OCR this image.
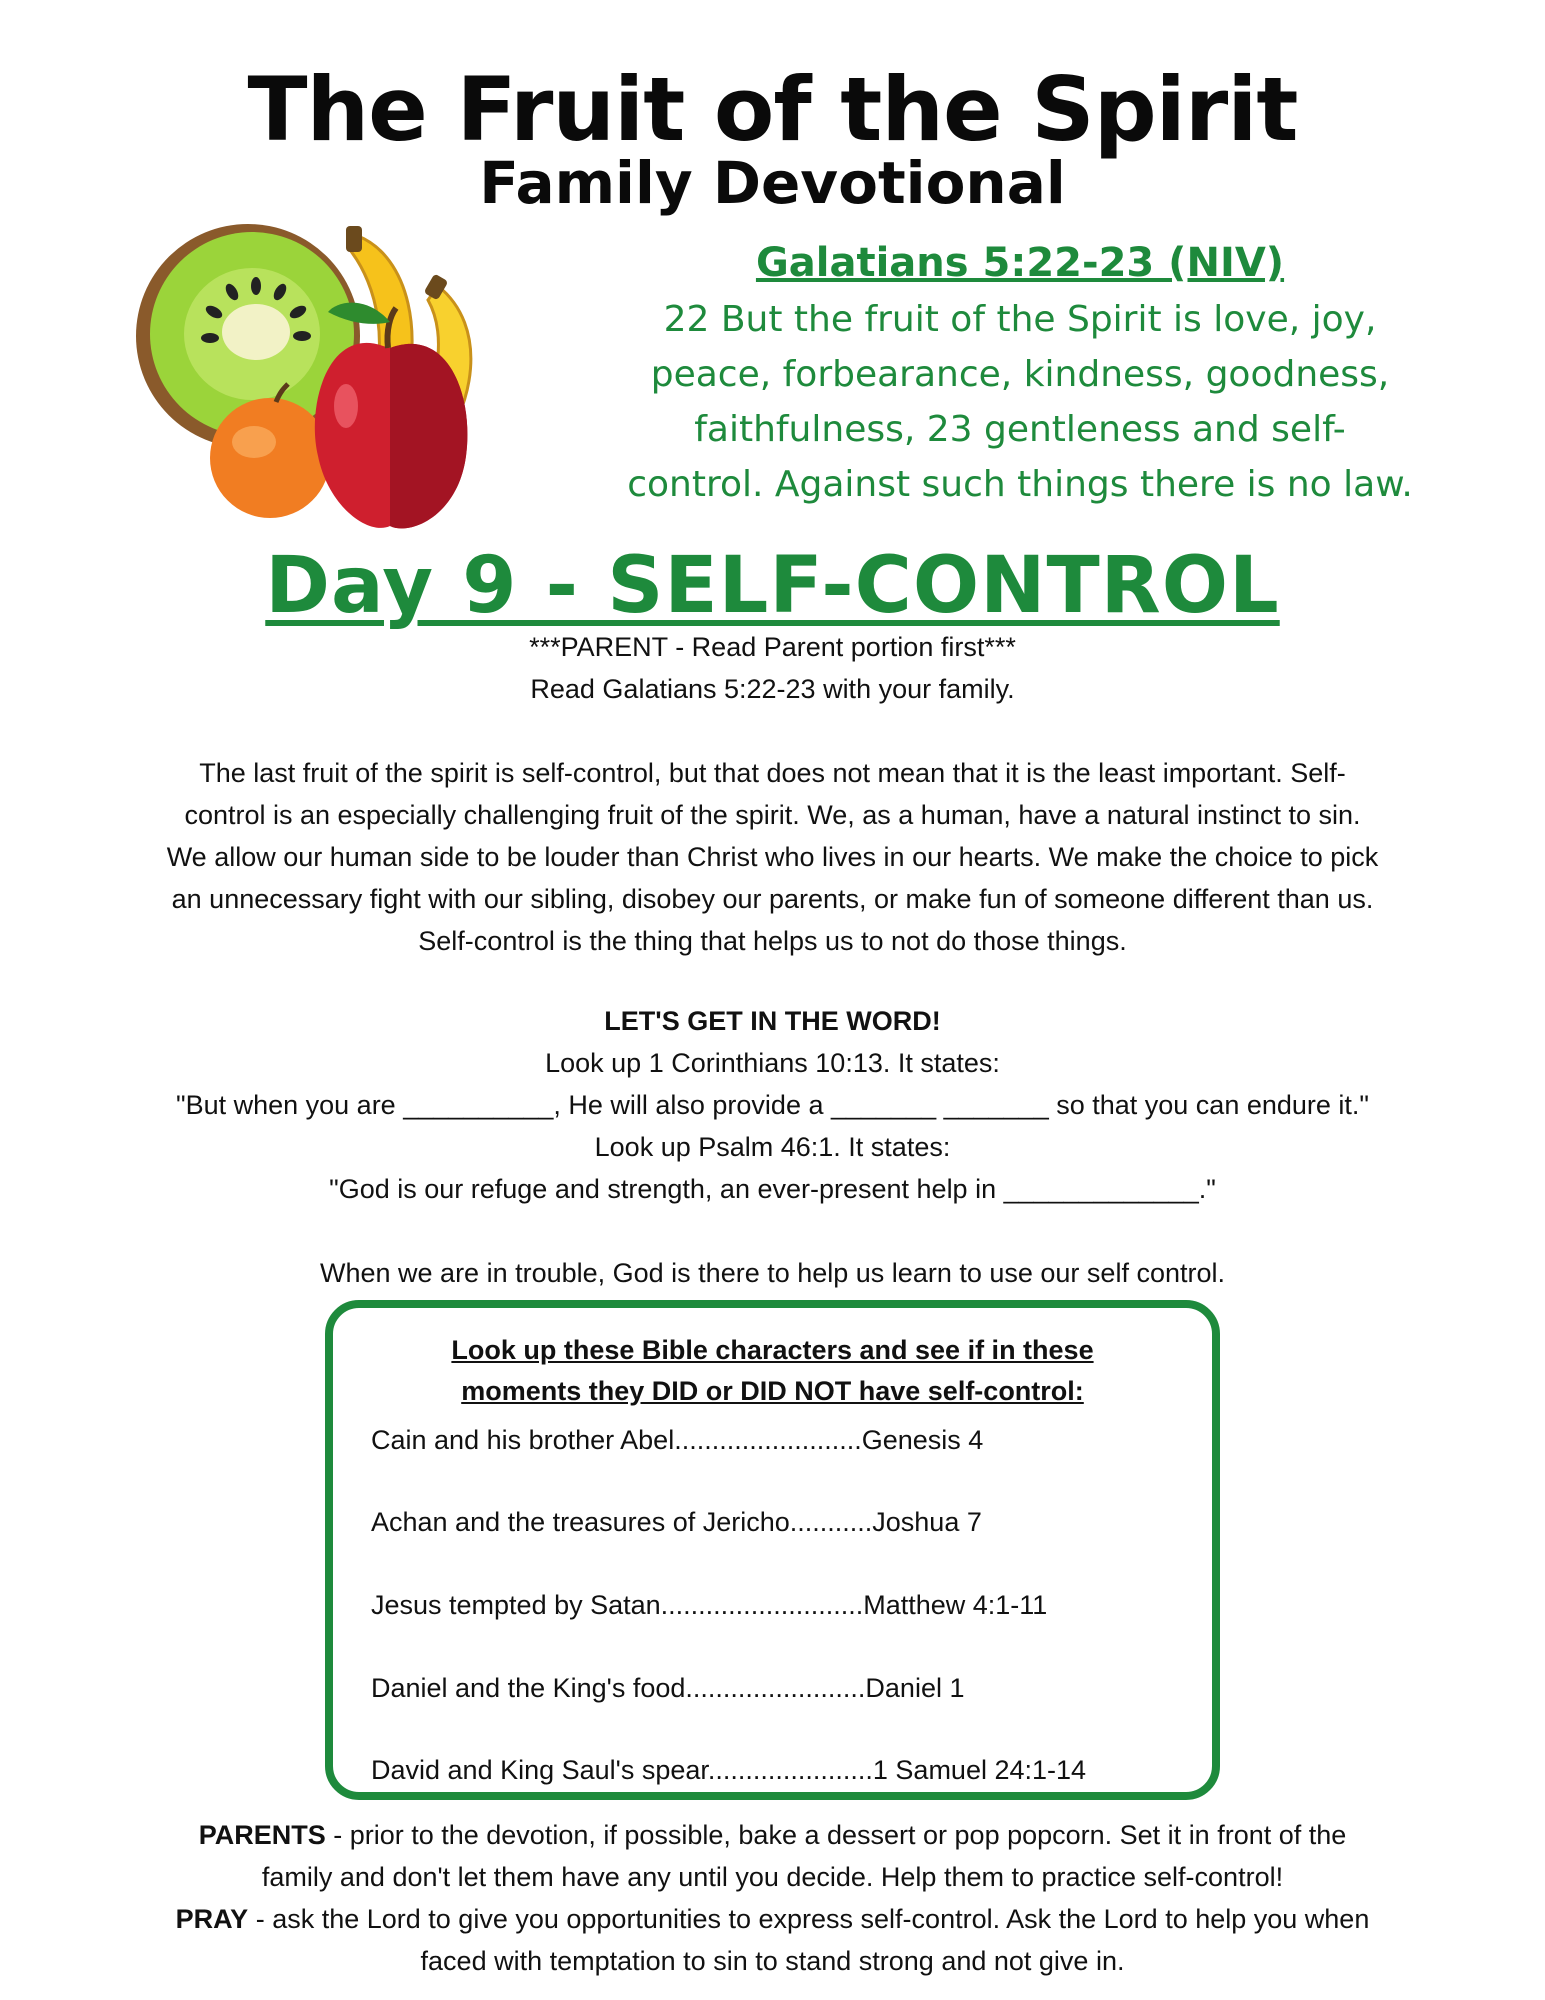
The Fruit of the Spirit
Family Devotional
Galatians 5:22-23 (NIV)
22 But the fruit of the Spirit is love, joy,
peace, forbearance, kindness, goodness,
faithfulness, 23 gentleness and self-
control. Against such things there is no law.
Day 9 - SELF-CONTROL
***PARENT - Read Parent portion first***
Read Galatians 5:22-23 with your family.
The last fruit of the spirit is self-control, but that does not mean that it is the least important. Self-
control is an especially challenging fruit of the spirit. We, as a human, have a natural instinct to sin.
We allow our human side to be louder than Christ who lives in our hearts. We make the choice to pick
an unnecessary fight with our sibling, disobey our parents, or make fun of someone different than us.
Self-control is the thing that helps us to not do those things.
LET'S GET IN THE WORD!
Look up 1 Corinthians 10:13. It states:
"But when you are __________, He will also provide a _______ _______ so that you can endure it."
Look up Psalm 46:1. It states:
"God is our refuge and strength, an ever-present help in _____________."
When we are in trouble, God is there to help us learn to use our self control.
Look up these Bible characters and see if in these
moments they DID or DID NOT have self-control:
Cain and his brother Abel.........................Genesis 4
Achan and the treasures of Jericho...........Joshua 7
Jesus tempted by Satan...........................Matthew 4:1-11
Daniel and the King's food........................Daniel 1
David and King Saul's spear......................1 Samuel 24:1-14
PARENTS - prior to the devotion, if possible, bake a dessert or pop popcorn. Set it in front of the
family and don't let them have any until you decide. Help them to practice self-control!
PRAY - ask the Lord to give you opportunities to express self-control. Ask the Lord to help you when
faced with temptation to sin to stand strong and not give in.
